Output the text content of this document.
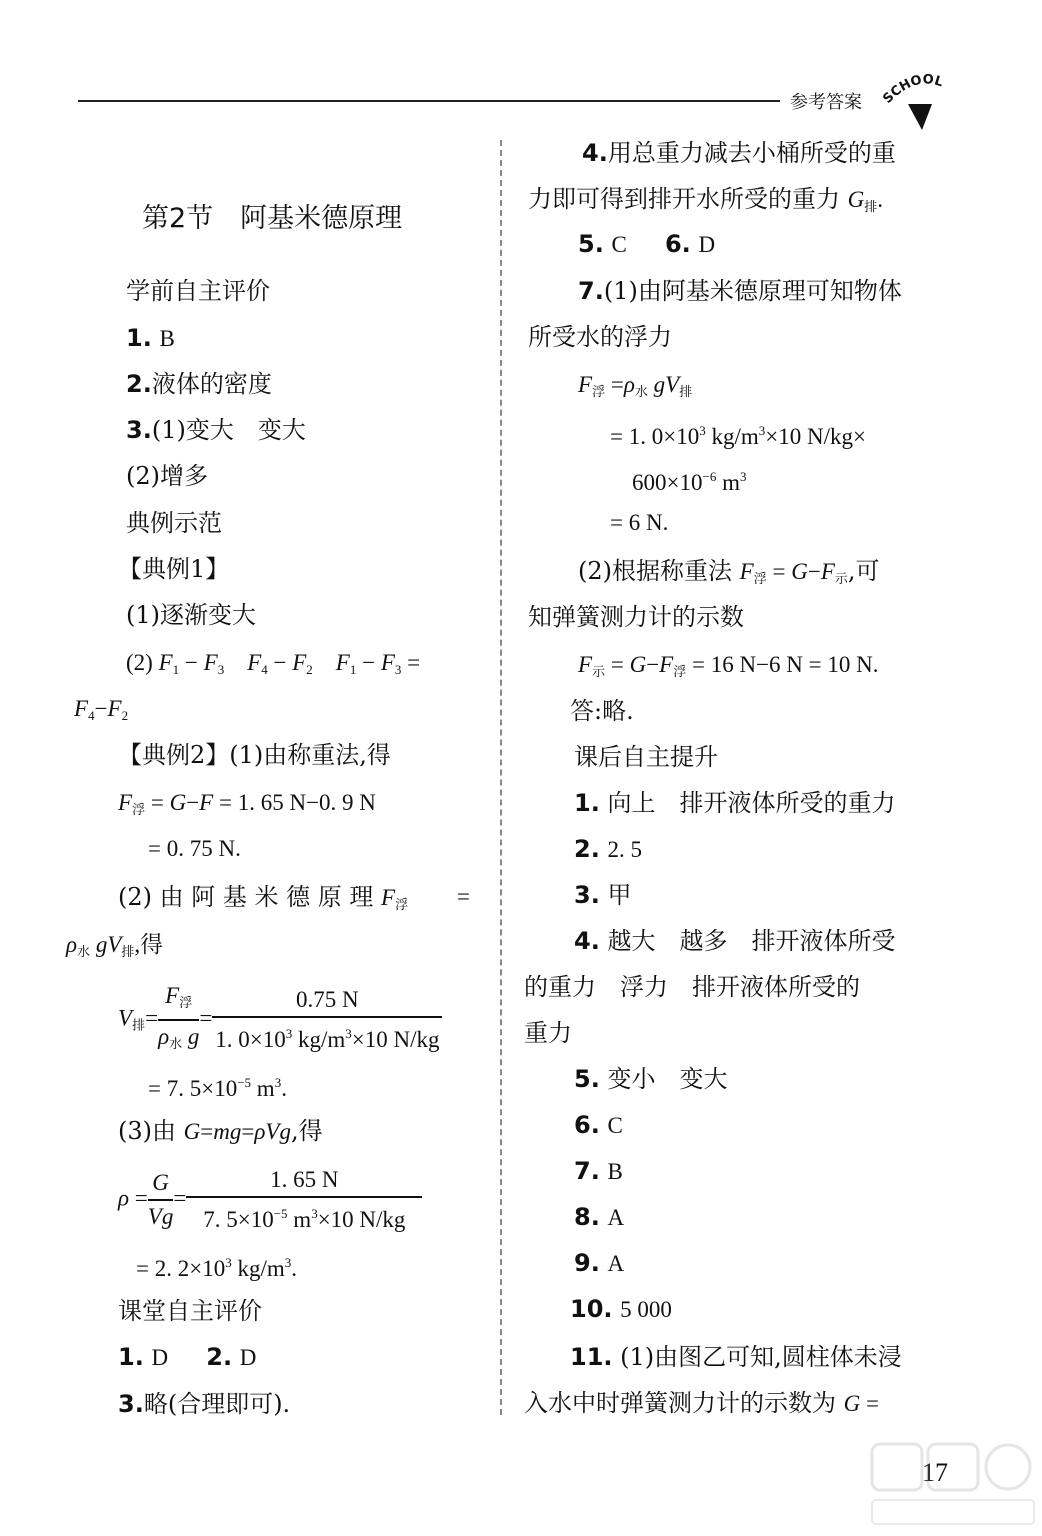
参考答案 SCHOOL
第2节　阿基米德原理
学前自主评价
1. B
2.液体的密度
3.(1)变大　变大
(2)增多
典例示范
【典例1】
(1)逐渐变大
(2) $F_1 - F_3$ $F_4 - F_2$ $F_1 - F_3$ =
$F_4-F_2$
【典例2】(1)由称重法,得
$F_浮 = G-F = 1$. 65 N−0. 9 N
= 0. 75 N.
(2) 由 阿 基 米 德 原 理 $F_浮$ =
$\rho_水$ $gV_排$,得
$V_排= \frac{F_浮}{\rho_水 g} = \frac{0.75 N}{1. 0\times 10^3 kg/m^3\times 10 N/kg}$
= 7. $5\times 10^{-5}$ $m^3$.
(3)由 G=mg=ρVg,得
$\rho = \frac{G}{Vg} = \frac{1. 65 N}{7. 5\times 10^{-5} m^3\times 10 N/kg}$
= 2. $2\times 10^3$ $kg/m^3$.
课堂自主评价
1. D 2. D
3.略(合理即可).
4.用总重力减去小桶所受的重
力即可得到排开水所受的重力 $G_排$.
5. C 6. D
7.(1)由阿基米德原理可知物体
所受水的浮力
$F_浮 =\rho_水$ $gV_排$
= 1. $0\times 10^3$ $kg/m^3\times 10$ N/kg×
$600\times 10^{-6}$ $m^3$
= 6 N.
(2)根据称重法 $F_浮 = G-F_示$,可
知弹簧测力计的示数
$F_示 = G-F_浮 = 16$ N−6 N = 10 N.
答:略.
课后自主提升
1. 向上　排开液体所受的重力
2. 2. 5
3. 甲
4. 越大　越多　排开液体所受
的重力　浮力　排开液体所受的
重力
5. 变小　变大
6. C
7. B
8. A
9. A
10. 5 000
11. (1)由图乙可知,圆柱体未浸
入水中时弹簧测力计的示数为 G =
17
